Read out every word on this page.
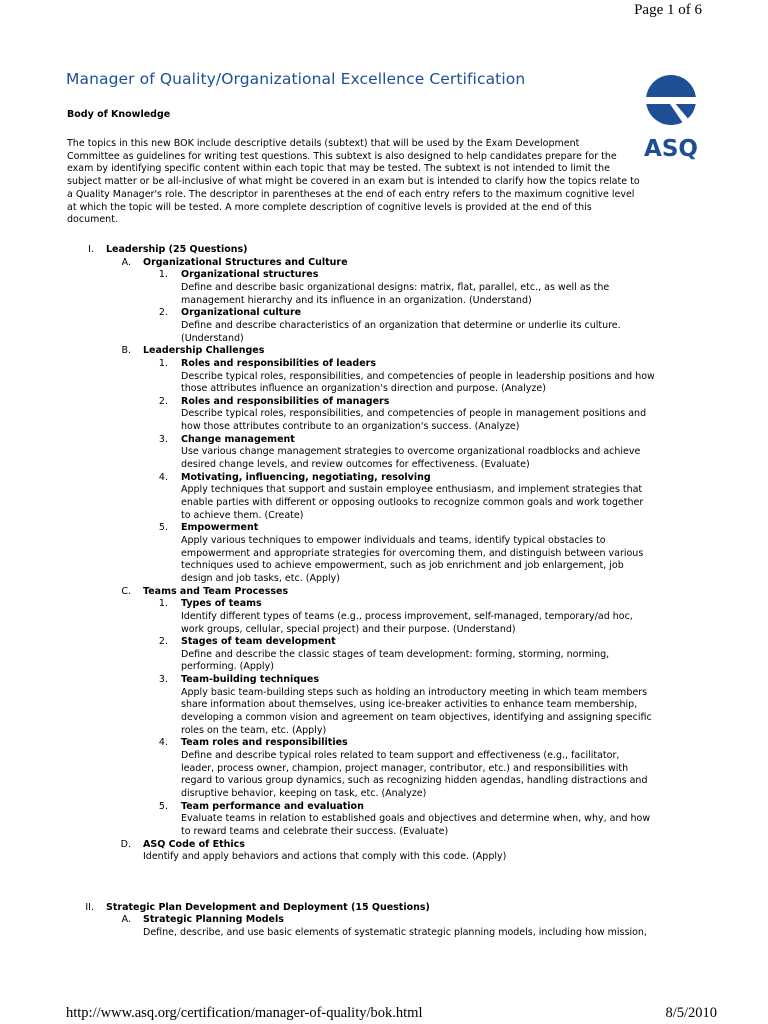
Page 1 of 6
Manager of Quality/Organizational Excellence Certification
ASQ
Body of Knowledge
The topics in this new BOK include descriptive details (subtext) that will be used by the Exam Development
Committee as guidelines for writing test questions. This subtext is also designed to help candidates prepare for the
exam by identifying specific content within each topic that may be tested. The subtext is not intended to limit the
subject matter or be all-inclusive of what might be covered in an exam but is intended to clarify how the topics relate to
a Quality Manager's role. The descriptor in parentheses at the end of each entry refers to the maximum cognitive level
at which the topic will be tested. A more complete description of cognitive levels is provided at the end of this
document.
I. Leadership (25 Questions)
A. Organizational Structures and Culture
1. Organizational structures
Define and describe basic organizational designs: matrix, flat, parallel, etc., as well as the
management hierarchy and its influence in an organization. (Understand)
2. Organizational culture
Define and describe characteristics of an organization that determine or underlie its culture.
(Understand)
B. Leadership Challenges
1. Roles and responsibilities of leaders
Describe typical roles, responsibilities, and competencies of people in leadership positions and how
those attributes influence an organization's direction and purpose. (Analyze)
2. Roles and responsibilities of managers
Describe typical roles, responsibilities, and competencies of people in management positions and
how those attributes contribute to an organization's success. (Analyze)
3. Change management
Use various change management strategies to overcome organizational roadblocks and achieve
desired change levels, and review outcomes for effectiveness. (Evaluate)
4. Motivating, influencing, negotiating, resolving
Apply techniques that support and sustain employee enthusiasm, and implement strategies that
enable parties with different or opposing outlooks to recognize common goals and work together
to achieve them. (Create)
5. Empowerment
Apply various techniques to empower individuals and teams, identify typical obstacles to
empowerment and appropriate strategies for overcoming them, and distinguish between various
techniques used to achieve empowerment, such as job enrichment and job enlargement, job
design and job tasks, etc. (Apply)
C. Teams and Team Processes
1. Types of teams
Identify different types of teams (e.g., process improvement, self-managed, temporary/ad hoc,
work groups, cellular, special project) and their purpose. (Understand)
2. Stages of team development
Define and describe the classic stages of team development: forming, storming, norming,
performing. (Apply)
3. Team-building techniques
Apply basic team-building steps such as holding an introductory meeting in which team members
share information about themselves, using ice-breaker activities to enhance team membership,
developing a common vision and agreement on team objectives, identifying and assigning specific
roles on the team, etc. (Apply)
4. Team roles and responsibilities
Define and describe typical roles related to team support and effectiveness (e.g., facilitator,
leader, process owner, champion, project manager, contributor, etc.) and responsibilities with
regard to various group dynamics, such as recognizing hidden agendas, handling distractions and
disruptive behavior, keeping on task, etc. (Analyze)
5. Team performance and evaluation
Evaluate teams in relation to established goals and objectives and determine when, why, and how
to reward teams and celebrate their success. (Evaluate)
D. ASQ Code of Ethics
Identify and apply behaviors and actions that comply with this code. (Apply)
II. Strategic Plan Development and Deployment (15 Questions)
A. Strategic Planning Models
Define, describe, and use basic elements of systematic strategic planning models, including how mission,
http://www.asq.org/certification/manager-of-quality/bok.html	8/5/2010
